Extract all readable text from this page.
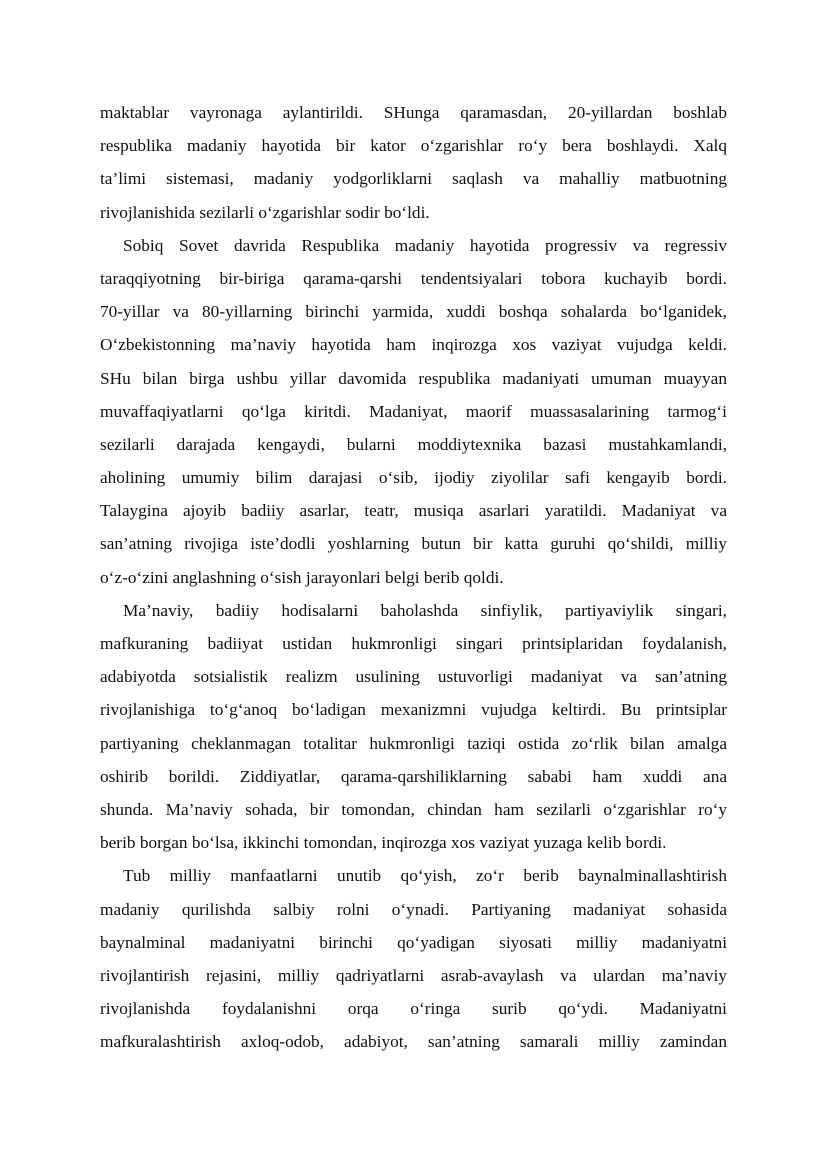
maktablar vayronaga aylantirildi. SHunga qaramasdan, 20-yillardan boshlab
respublika madaniy hayotida bir kator o‘zgarishlar ro‘y bera boshlaydi. Xalq
ta’limi sistemasi, madaniy yodgorliklarni saqlash va mahalliy matbuotning
rivojlanishida sezilarli o‘zgarishlar sodir bo‘ldi.
Sobiq Sovet davrida Respublika madaniy hayotida progressiv va regressiv
taraqqiyotning bir-biriga qarama-qarshi tendentsiyalari tobora kuchayib bordi.
70-yillar va 80-yillarning birinchi yarmida, xuddi boshqa sohalarda bo‘lganidek,
O‘zbekistonning ma’naviy hayotida ham inqirozga xos vaziyat vujudga keldi.
SHu bilan birga ushbu yillar davomida respublika madaniyati umuman muayyan
muvaffaqiyatlarni qo‘lga kiritdi. Madaniyat, maorif muassasalarining tarmog‘i
sezilarli darajada kengaydi, bularni moddiytexnika bazasi mustahkamlandi,
aholining umumiy bilim darajasi o‘sib, ijodiy ziyolilar safi kengayib bordi.
Talaygina ajoyib badiiy asarlar, teatr, musiqa asarlari yaratildi. Madaniyat va
san’atning rivojiga iste’dodli yoshlarning butun bir katta guruhi qo‘shildi, milliy
o‘z-o‘zini anglashning o‘sish jarayonlari belgi berib qoldi.
Ma’naviy, badiiy hodisalarni baholashda sinfiylik, partiyaviylik singari,
mafkuraning badiiyat ustidan hukmronligi singari printsiplaridan foydalanish,
adabiyotda sotsialistik realizm usulining ustuvorligi madaniyat va san’atning
rivojlanishiga to‘g‘anoq bo‘ladigan mexanizmni vujudga keltirdi. Bu printsiplar
partiyaning cheklanmagan totalitar hukmronligi taziqi ostida zo‘rlik bilan amalga
oshirib borildi. Ziddiyatlar, qarama-qarshiliklarning sababi ham xuddi ana
shunda. Ma’naviy sohada, bir tomondan, chindan ham sezilarli o‘zgarishlar ro‘y
berib borgan bo‘lsa, ikkinchi tomondan, inqirozga xos vaziyat yuzaga kelib bordi.
Tub milliy manfaatlarni unutib qo‘yish, zo‘r berib baynalminallashtirish
madaniy qurilishda salbiy rolni o‘ynadi. Partiyaning madaniyat sohasida
baynalminal madaniyatni birinchi qo‘yadigan siyosati milliy madaniyatni
rivojlantirish rejasini, milliy qadriyatlarni asrab-avaylash va ulardan ma’naviy
rivojlanishda foydalanishni orqa o‘ringa surib qo‘ydi. Madaniyatni
mafkuralashtirish axloq-odob, adabiyot, san’atning samarali milliy zamindan
